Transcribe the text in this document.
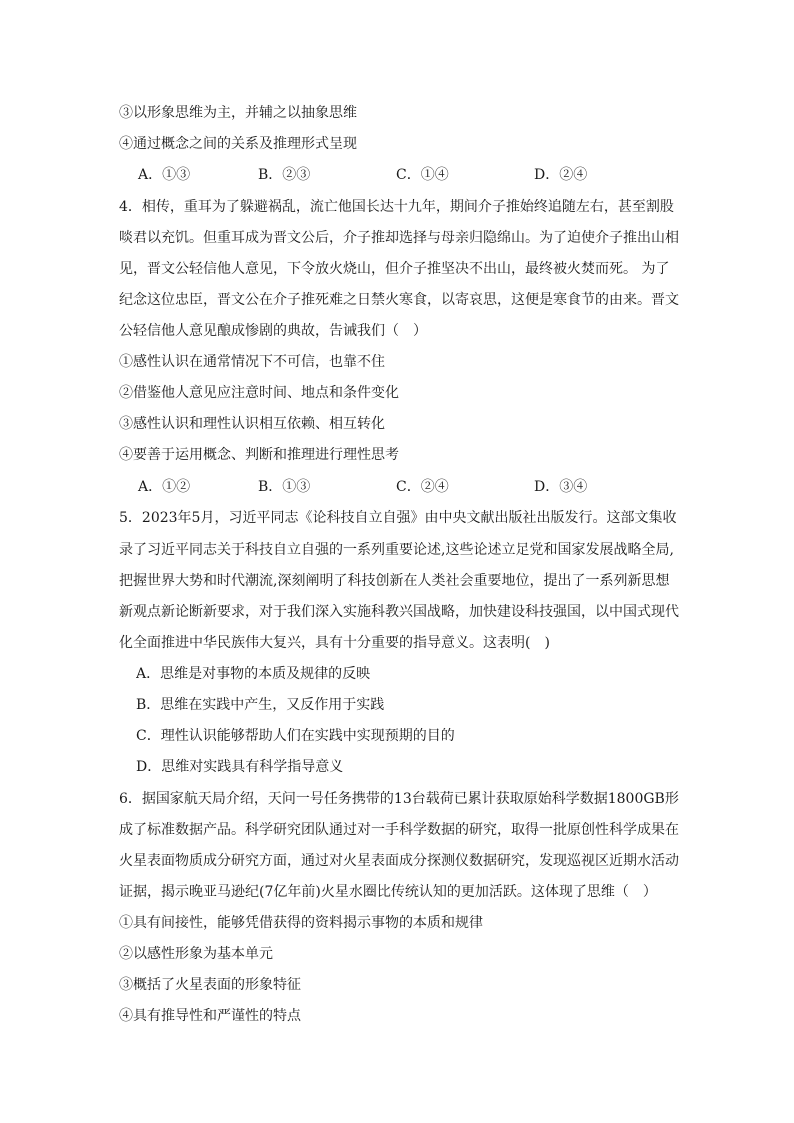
③以形象思维为主，并辅之以抽象思维
④通过概念之间的关系及推理形式呈现
A．①③	B．②③	C．①④	D．②④
4．相传，重耳为了躲避祸乱，流亡他国长达十九年，期间介子推始终追随左右，甚至割股
啖君以充饥。但重耳成为晋文公后，介子推却选择与母亲归隐绵山。为了迫使介子推出山相
见，晋文公轻信他人意见，下令放火烧山，但介子推坚决不出山，最终被火焚而死。 为了
纪念这位忠臣，晋文公在介子推死难之日禁火寒食，以寄哀思，这便是寒食节的由来。晋文
公轻信他人意见酿成惨剧的典故，告诫我们（　）
①感性认识在通常情况下不可信，也靠不住
②借鉴他人意见应注意时间、地点和条件变化
③感性认识和理性认识相互依赖、相互转化
④要善于运用概念、判断和推理进行理性思考
A．①②	B．①③	C．②④	D．③④
5．2023年5月，习近平同志《论科技自立自强》由中央文献出版社出版发行。这部文集收
录了习近平同志关于科技自立自强的一系列重要论述,这些论述立足党和国家发展战略全局,
把握世界大势和时代潮流,深刻阐明了科技创新在人类社会重要地位，提出了一系列新思想
新观点新论断新要求，对于我们深入实施科教兴国战略，加快建设科技强国，以中国式现代
化全面推进中华民族伟大复兴，具有十分重要的指导意义。这表明(　)
A．思维是对事物的本质及规律的反映
B．思维在实践中产生，又反作用于实践
C．理性认识能够帮助人们在实践中实现预期的目的
D．思维对实践具有科学指导意义
6．据国家航天局介绍，天问一号任务携带的13台载荷已累计获取原始科学数据1800GB形
成了标准数据产品。科学研究团队通过对一手科学数据的研究，取得一批原创性科学成果在
火星表面物质成分研究方面，通过对火星表面成分探测仪数据研究，发现巡视区近期水活动
证据，揭示晚亚马逊纪(7亿年前)火星水圈比传统认知的更加活跃。这体现了思维（　）
①具有间接性，能够凭借获得的资料揭示事物的本质和规律
②以感性形象为基本单元
③概括了火星表面的形象特征
④具有推导性和严谨性的特点
